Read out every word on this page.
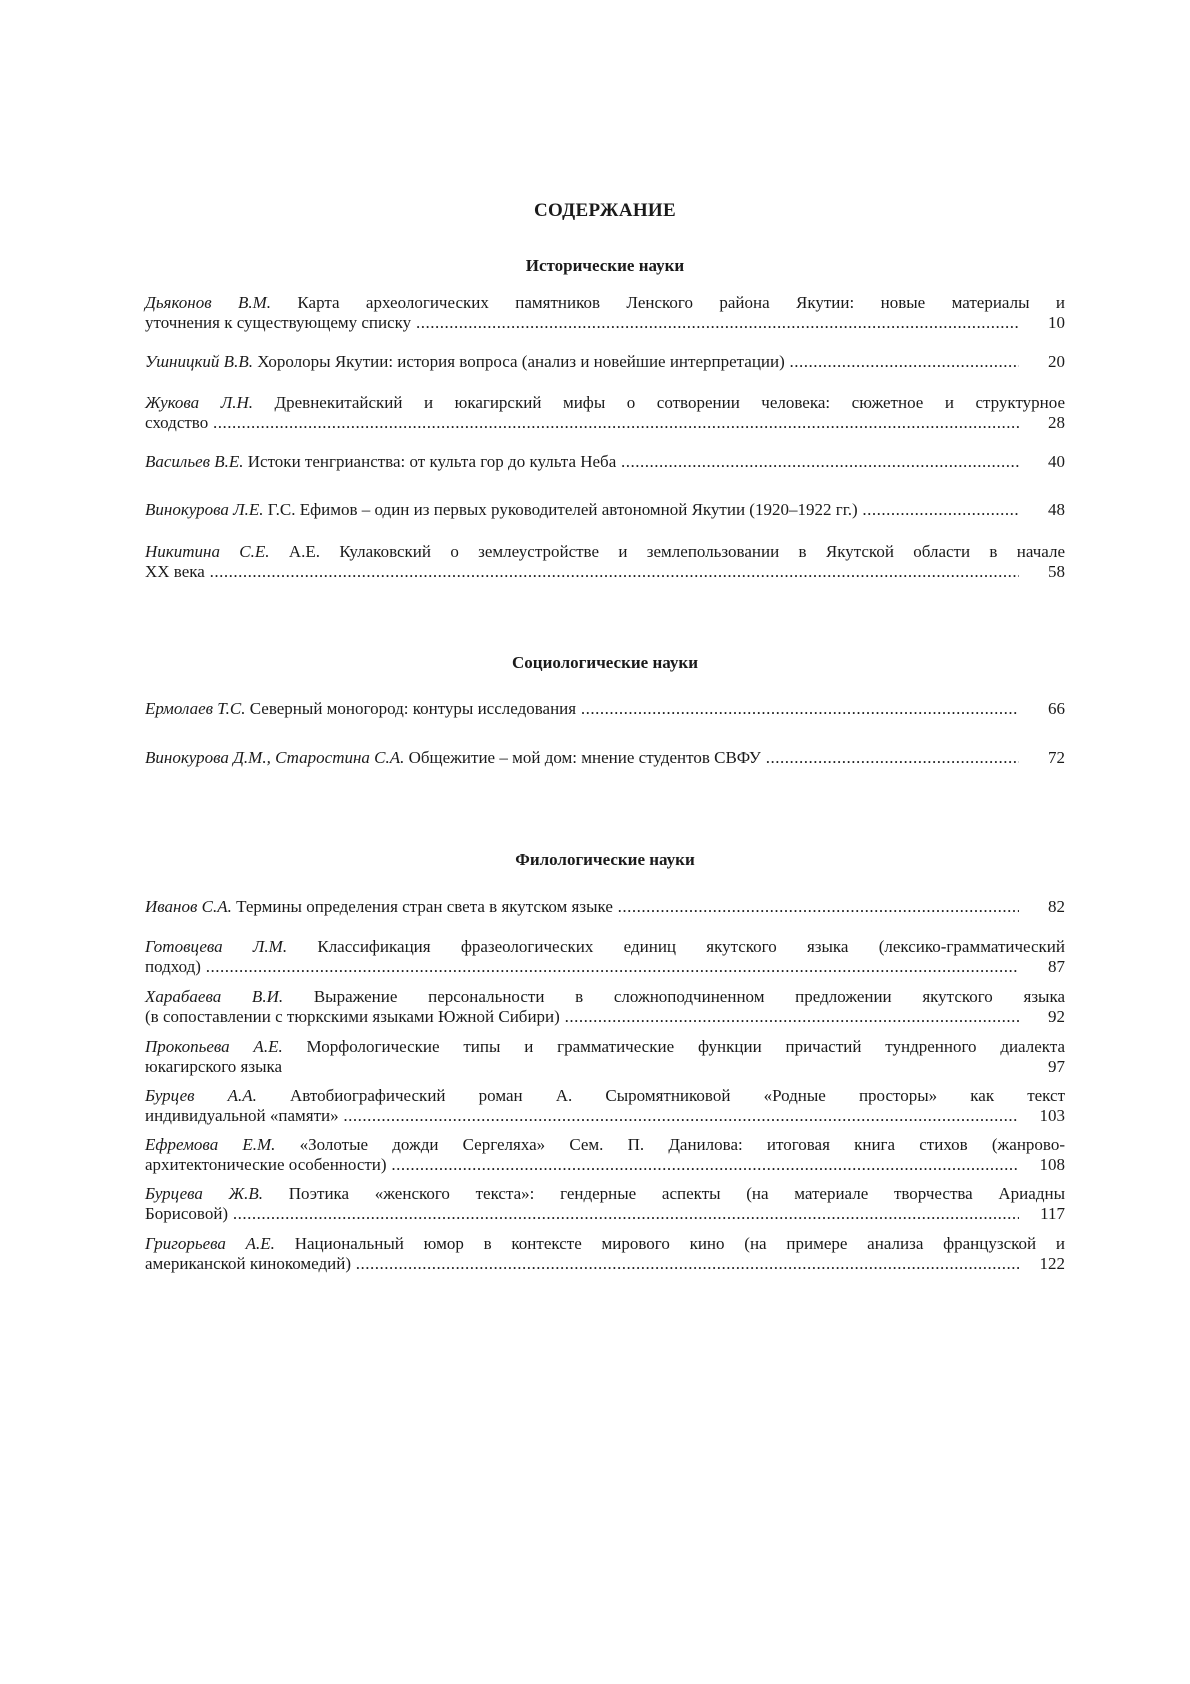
СОДЕРЖАНИЕ
Исторические науки
Дьяконов В.М. Карта археологических памятников Ленского района Якутии: новые материалы и
уточнения к существующему списку .....	10
Ушницкий В.В. Хоролоры Якутии: история вопроса (анализ и новейшие интерпретации) .....	20
Жукова Л.Н. Древнекитайский и юкагирский мифы о сотворении человека: сюжетное и структурное
сходство .....	28
Васильев В.Е. Истоки тенгрианства: от культа гор до культа Неба .....	40
Винокурова Л.Е. Г.С. Ефимов – один из первых руководителей автономной Якутии (1920–1922 гг.) .....	48
Никитина С.Е. А.Е. Кулаковский о землеустройстве и землепользовании в Якутской области в начале
XX века .....	58
Социологические науки
Ермолаев Т.С. Северный моногород: контуры исследования .....	66
Винокурова Д.М., Старостина С.А. Общежитие – мой дом: мнение студентов СВФУ .....	72
Филологические науки
Иванов С.А. Термины определения стран света в якутском языке .....	82
Готовцева Л.М. Классификация фразеологических единиц якутского языка (лексико-грамматический
подход) .....	87
Харабаева В.И. Выражение персональности в сложноподчиненном предложении якутского языка
(в сопоставлении с тюркскими языками Южной Сибири) .....	92
Прокопьева А.Е. Морфологические типы и грамматические функции причастий тундренного диалекта
юкагирского языка	97
Бурцев А.А. Автобиографический роман А. Сыромятниковой «Родные просторы» как текст
индивидуальной «памяти» .....	103
Ефремова Е.М. «Золотые дожди Сергеляха» Сем. П. Данилова: итоговая книга стихов (жанрово-
архитектонические особенности) .....	108
Бурцева Ж.В. Поэтика «женского текста»: гендерные аспекты (на материале творчества Ариадны
Борисовой) .....	117
Григорьева А.Е. Национальный юмор в контексте мирового кино (на примере анализа французской и
американской кинокомедий) .....	122
